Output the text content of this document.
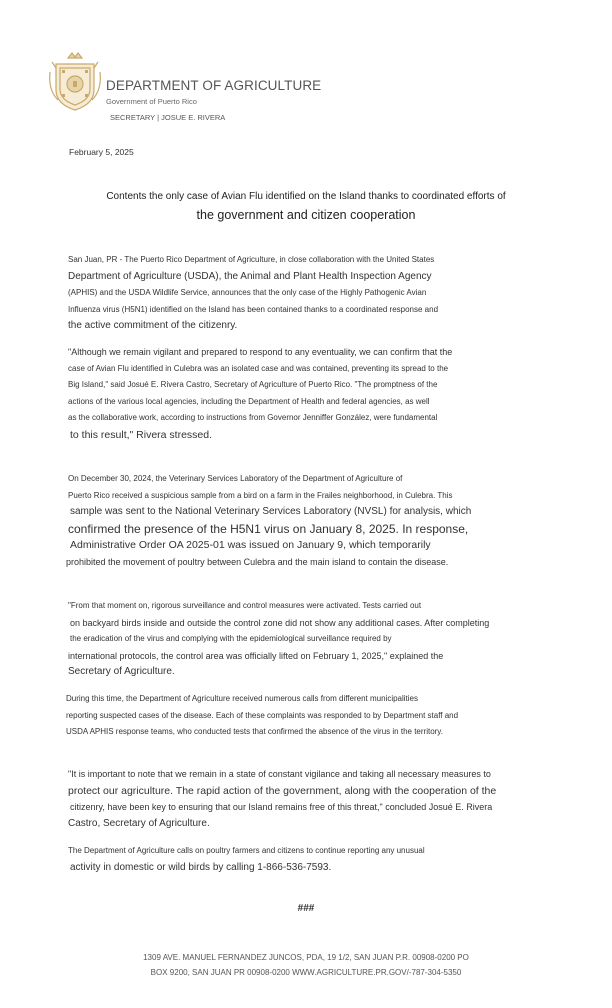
DEPARTMENT OF AGRICULTURE
Government of Puerto Rico
SECRETARY | JOSUE E. RIVERA
February 5, 2025
Contents the only case of Avian Flu identified on the Island thanks to coordinated efforts of
the government and citizen cooperation
San Juan, PR - The Puerto Rico Department of Agriculture, in close collaboration with the United States
Department of Agriculture (USDA), the Animal and Plant Health Inspection Agency
(APHIS) and the USDA Wildlife Service, announces that the only case of the Highly Pathogenic Avian
Influenza virus (H5N1) identified on the Island has been contained thanks to a coordinated response and
the active commitment of the citizenry.
"Although we remain vigilant and prepared to respond to any eventuality, we can confirm that the
case of Avian Flu identified in Culebra was an isolated case and was contained, preventing its spread to the
Big Island," said Josué E. Rivera Castro, Secretary of Agriculture of Puerto Rico. "The promptness of the
actions of the various local agencies, including the Department of Health and federal agencies, as well
as the collaborative work, according to instructions from Governor Jenniffer González, were fundamental
to this result," Rivera stressed.
On December 30, 2024, the Veterinary Services Laboratory of the Department of Agriculture of
Puerto Rico received a suspicious sample from a bird on a farm in the Frailes neighborhood, in Culebra. This
sample was sent to the National Veterinary Services Laboratory (NVSL) for analysis, which
confirmed the presence of the H5N1 virus on January 8, 2025. In response,
Administrative Order OA 2025-01 was issued on January 9, which temporarily
prohibited the movement of poultry between Culebra and the main island to contain the disease.
"From that moment on, rigorous surveillance and control measures were activated. Tests carried out
on backyard birds inside and outside the control zone did not show any additional cases. After completing
the eradication of the virus and complying with the epidemiological surveillance required by
international protocols, the control area was officially lifted on February 1, 2025," explained the
Secretary of Agriculture.
During this time, the Department of Agriculture received numerous calls from different municipalities
reporting suspected cases of the disease. Each of these complaints was responded to by Department staff and
USDA APHIS response teams, who conducted tests that confirmed the absence of the virus in the territory.
"It is important to note that we remain in a state of constant vigilance and taking all necessary measures to
protect our agriculture. The rapid action of the government, along with the cooperation of the
citizenry, have been key to ensuring that our Island remains free of this threat," concluded Josué E. Rivera
Castro, Secretary of Agriculture.
The Department of Agriculture calls on poultry farmers and citizens to continue reporting any unusual
activity in domestic or wild birds by calling 1-866-536-7593.
###
1309 AVE. MANUEL FERNANDEZ JUNCOS, PDA, 19 1/2, SAN JUAN P.R. 00908-0200 PO
BOX 9200, SAN JUAN PR 00908-0200 WWW.AGRICULTURE.PR.GOV/-787-304-5350
